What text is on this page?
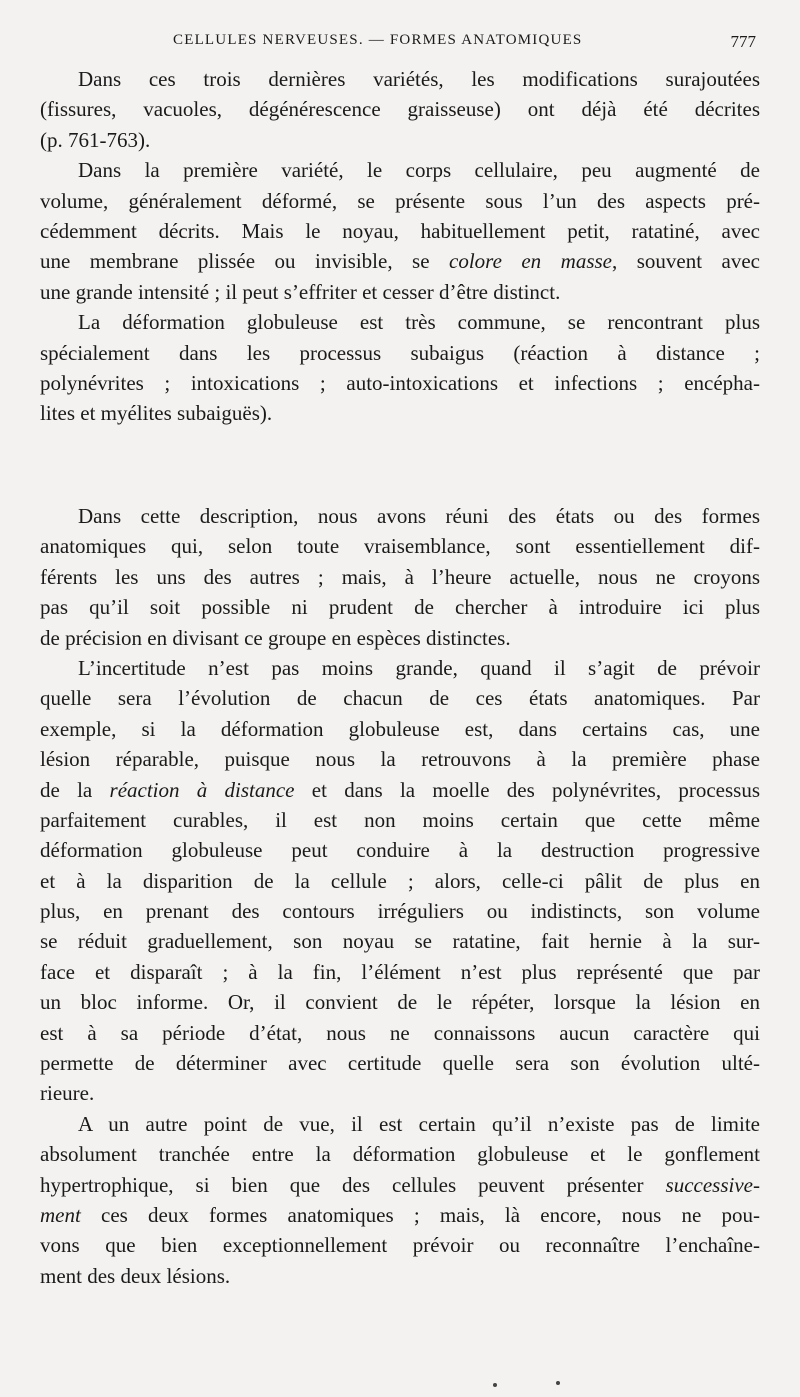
CELLULES NERVEUSES. — FORMES ANATOMIQUES	777
Dans ces trois dernières variétés, les modifications surajoutées
(fissures, vacuoles, dégénérescence graisseuse) ont déjà été décrites
(p. 761-763).
Dans la première variété, le corps cellulaire, peu augmenté de
volume, généralement déformé, se présente sous l’un des aspects pré-
cédemment décrits. Mais le noyau, habituellement petit, ratatiné, avec
une membrane plissée ou invisible, se colore en masse, souvent avec
une grande intensité ; il peut s’effriter et cesser d’être distinct.
La déformation globuleuse est très commune, se rencontrant plus
spécialement dans les processus subaigus (réaction à distance ;
polynévrites ; intoxications ; auto-intoxications et infections ; encépha-
lites et myélites subaiguës).
Dans cette description, nous avons réuni des états ou des formes
anatomiques qui, selon toute vraisemblance, sont essentiellement dif-
férents les uns des autres ; mais, à l’heure actuelle, nous ne croyons
pas qu’il soit possible ni prudent de chercher à introduire ici plus
de précision en divisant ce groupe en espèces distinctes.
L’incertitude n’est pas moins grande, quand il s’agit de prévoir
quelle sera l’évolution de chacun de ces états anatomiques. Par
exemple, si la déformation globuleuse est, dans certains cas, une
lésion réparable, puisque nous la retrouvons à la première phase
de la réaction à distance et dans la moelle des polynévrites, processus
parfaitement curables, il est non moins certain que cette même
déformation globuleuse peut conduire à la destruction progressive
et à la disparition de la cellule ; alors, celle-ci pâlit de plus en
plus, en prenant des contours irréguliers ou indistincts, son volume
se réduit graduellement, son noyau se ratatine, fait hernie à la sur-
face et disparaît ; à la fin, l’élément n’est plus représenté que par
un bloc informe. Or, il convient de le répéter, lorsque la lésion en
est à sa période d’état, nous ne connaissons aucun caractère qui
permette de déterminer avec certitude quelle sera son évolution ulté-
rieure.
A un autre point de vue, il est certain qu’il n’existe pas de limite
absolument tranchée entre la déformation globuleuse et le gonflement
hypertrophique, si bien que des cellules peuvent présenter successive-
ment ces deux formes anatomiques ; mais, là encore, nous ne pou-
vons que bien exceptionnellement prévoir ou reconnaître l’enchaîne-
ment des deux lésions.
